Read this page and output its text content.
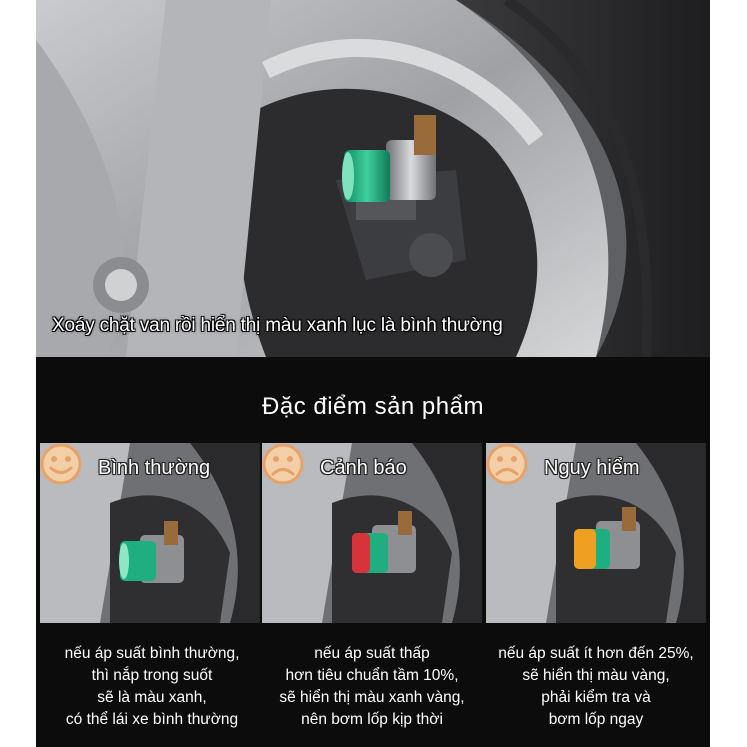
Xoáy chặt van rồi hiển thị màu xanh lục là bình thường
Đặc điểm sản phẩm
Bình thường	Cảnh báo	Nguy hiểm
nếu áp suất bình thường,
thì nắp trong suốt
sẽ là màu xanh,
có thể lái xe bình thường
nếu áp suất thấp
hơn tiêu chuẩn tầm 10%,
sẽ hiển thị màu xanh vàng,
nên bơm lốp kịp thời
nếu áp suất ít hơn đến 25%,
sẽ hiển thị màu vàng,
phải kiểm tra và
bơm lốp ngay
